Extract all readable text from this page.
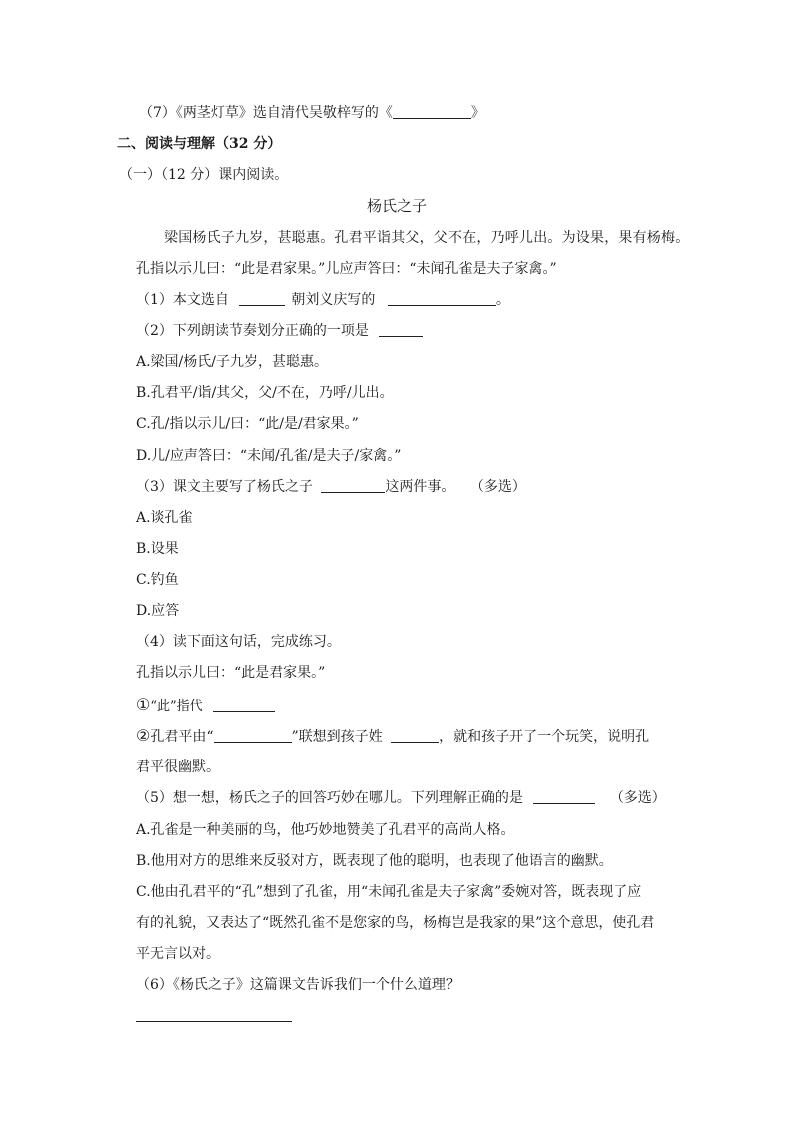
（7）《两茎灯草》选自清代吴敬梓写的《	》
二、阅读与理解（32 分）
（一）（12 分）课内阅读。
杨氏之子
梁国杨氏子九岁，甚聪惠。孔君平诣其父，父不在，乃呼儿出。为设果，果有杨梅。
孔指以示儿曰：“此是君家果。”儿应声答曰：“未闻孔雀是夫子家禽。”
（1）本文选自	朝刘义庆写的	。
（2）下列朗读节奏划分正确的一项是
A.梁国/杨氏/子九岁，甚聪惠。
B.孔君平/诣/其父，父/不在，乃呼/儿出。
C.孔/指以示儿/曰：“此/是/君家果。”
D.儿/应声答曰：“未闻/孔雀/是夫子/家禽。”
（3）课文主要写了杨氏之子	这两件事。 （多选）
A.谈孔雀
B.设果
C.钓鱼
D.应答
（4）读下面这句话，完成练习。
孔指以示儿曰：“此是君家果。”
①“此”指代
②孔君平由“	”联想到孩子姓	，就和孩子开了一个玩笑，说明孔
君平很幽默。
（5）想一想，杨氏之子的回答巧妙在哪儿。下列理解正确的是	（多选）
A.孔雀是一种美丽的鸟，他巧妙地赞美了孔君平的高尚人格。
B.他用对方的思维来反驳对方，既表现了他的聪明，也表现了他语言的幽默。
C.他由孔君平的“孔”想到了孔雀，用“未闻孔雀是夫子家禽”委婉对答，既表现了应
有的礼貌，又表达了“既然孔雀不是您家的鸟，杨梅岂是我家的果”这个意思，使孔君
平无言以对。
（6）《杨氏之子》这篇课文告诉我们一个什么道理？
